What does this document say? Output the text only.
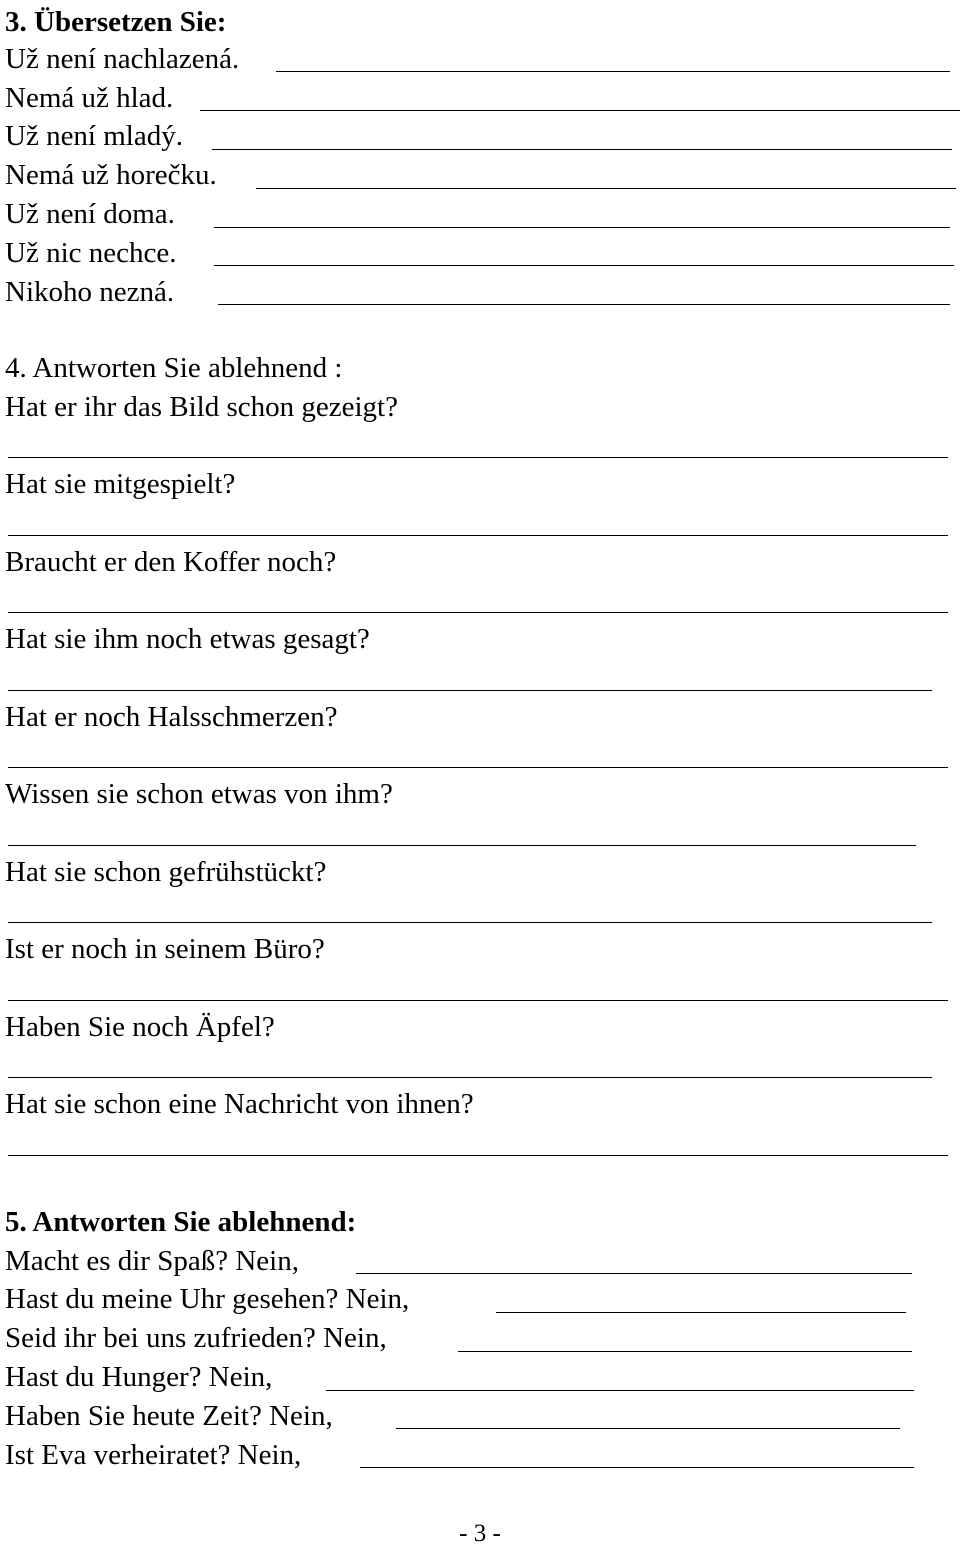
3. Übersetzen Sie:
Už není nachlazená.
Nemá už hlad.
Už není mladý.
Nemá už horečku.
Už není doma.
Už nic nechce.
Nikoho nezná.
4. Antworten Sie ablehnend :
Hat er ihr das Bild schon gezeigt?
Hat sie mitgespielt?
Braucht er den Koffer noch?
Hat sie ihm noch etwas gesagt?
Hat er noch Halsschmerzen?
Wissen sie schon etwas von ihm?
Hat sie schon gefrühstückt?
Ist er noch in seinem Büro?
Haben Sie noch Äpfel?
Hat sie schon eine Nachricht von ihnen?
5. Antworten Sie ablehnend:
Macht es dir Spaß? Nein,
Hast du meine Uhr gesehen? Nein,
Seid ihr bei uns zufrieden? Nein,
Hast du Hunger? Nein,
Haben Sie heute Zeit? Nein,
Ist Eva verheiratet? Nein,
- 3 -
